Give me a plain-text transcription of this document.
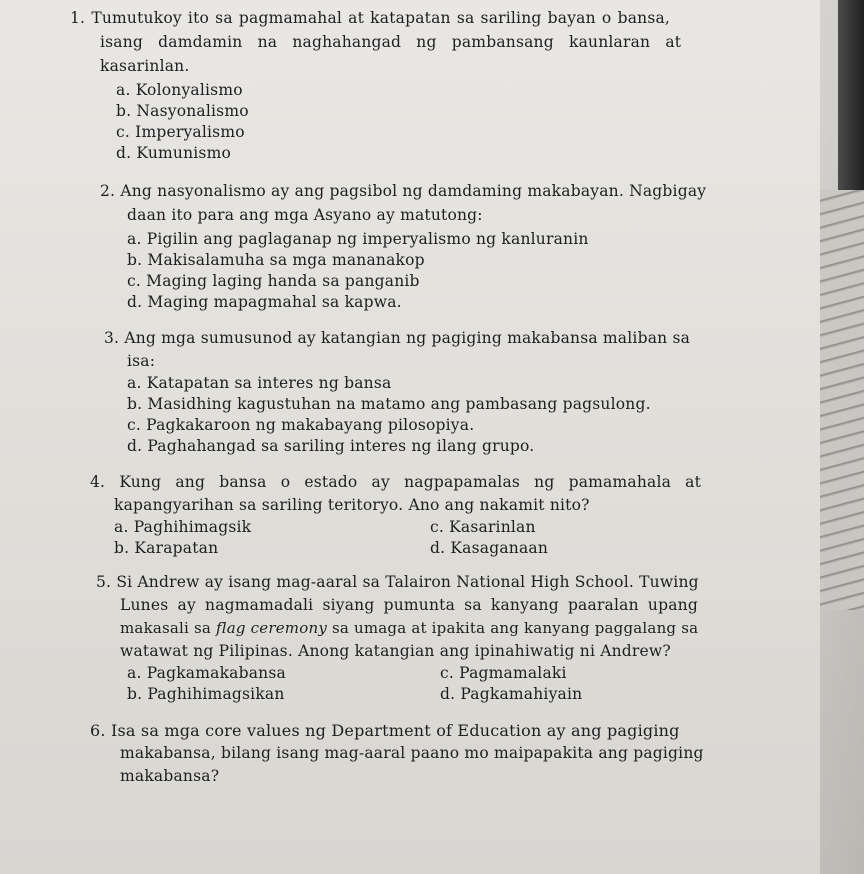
1. Tumutukoy ito sa pagmamahal at katapatan sa sariling bayan o bansa,
isang damdamin na naghahangad ng pambansang kaunlaran at
kasarinlan.
a. Kolonyalismo
b. Nasyonalismo
c. Imperyalismo
d. Kumunismo
2. Ang nasyonalismo ay ang pagsibol ng damdaming makabayan. Nagbigay
daan ito para ang mga Asyano ay matutong:
a. Pigilin ang paglaganap ng imperyalismo ng kanluranin
b. Makisalamuha sa mga mananakop
c. Maging laging handa sa panganib
d. Maging mapagmahal sa kapwa.
3. Ang mga sumusunod ay katangian ng pagiging makabansa maliban sa
isa:
a. Katapatan sa interes ng bansa
b. Masidhing kagustuhan na matamo ang pambasang pagsulong.
c. Pagkakaroon ng makabayang pilosopiya.
d. Paghahangad sa sariling interes ng ilang grupo.
4. Kung ang bansa o estado ay nagpapamalas ng pamamahala at
kapangyarihan sa sariling teritoryo. Ano ang nakamit nito?
a. Paghihimagsik	c. Kasarinlan
b. Karapatan	d. Kasaganaan
5. Si Andrew ay isang mag-aaral sa Talairon National High School. Tuwing
Lunes ay nagmamadali siyang pumunta sa kanyang paaralan upang
makasali sa flag ceremony sa umaga at ipakita ang kanyang paggalang sa
watawat ng Pilipinas. Anong katangian ang ipinahiwatig ni Andrew?
a. Pagkamakabansa	c. Pagmamalaki
b. Paghihimagsikan	d. Pagkamahiyain
6. Isa sa mga core values ng Department of Education ay ang pagiging
makabansa, bilang isang mag-aaral paano mo maipapakita ang pagiging
makabansa?
